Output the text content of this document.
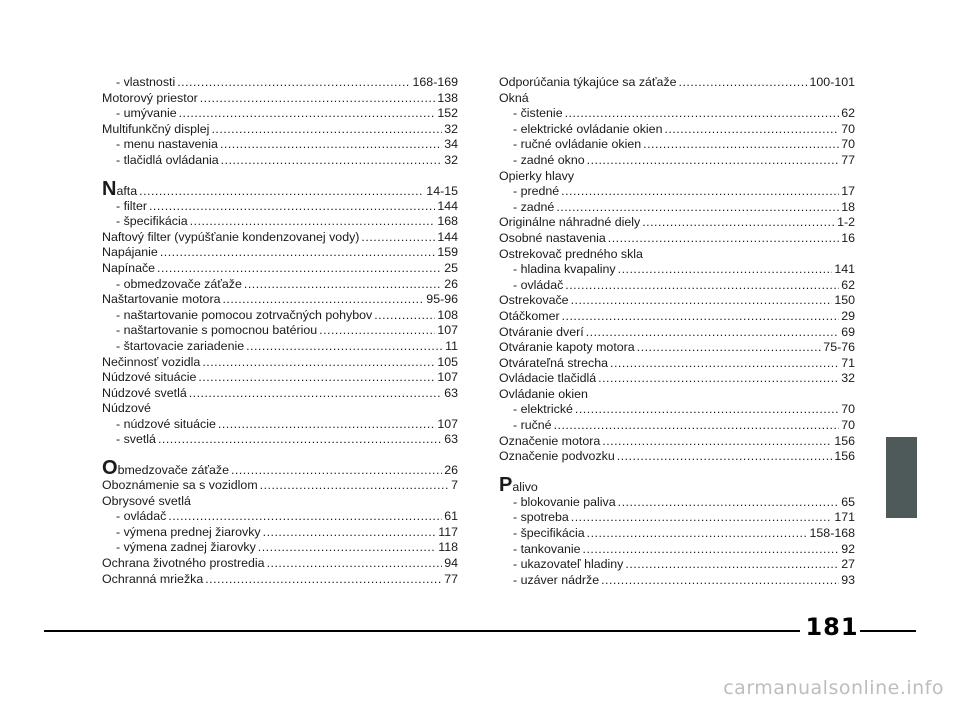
- vlastnosti .....	168-169
Motorový priestor .....	138
- umývanie .....	152
Multifunkčný displej .....	32
- menu nastavenia .....	34
- tlačidlá ovládania .....	32
Nafta .....	14-15
- filter .....	144
- špecifikácia .....	168
Naftový filter (vypúšťanie kondenzovanej vody) .....	144
Napájanie .....	159
Napínače .....	25
- obmedzovače záťaže .....	26
Naštartovanie motora .....	95-96
- naštartovanie pomocou zotrvačných pohybov .....	108
- naštartovanie s pomocnou batériou .....	107
- štartovacie zariadenie .....	11
Nečinnosť vozidla .....	105
Núdzové situácie .....	107
Núdzové svetlá .....	63
Núdzové
- núdzové situácie .....	107
- svetlá .....	63
Obmedzovače záťaže .....	26
Oboznámenie sa s vozidlom .....	7
Obrysové svetlá
- ovládač .....	61
- výmena prednej žiarovky .....	117
- výmena zadnej žiarovky .....	118
Ochrana životného prostredia .....	94
Ochranná mriežka .....	77
Odporúčania týkajúce sa záťaže .....	100-101
Okná
- čistenie .....	62
- elektrické ovládanie okien .....	70
- ručné ovládanie okien .....	70
- zadné okno .....	77
Opierky hlavy
- predné .....	17
- zadné .....	18
Originálne náhradné diely .....	1-2
Osobné nastavenia .....	16
Ostrekovač predného skla
- hladina kvapaliny .....	141
- ovládač .....	62
Ostrekovače .....	150
Otáčkomer .....	29
Otváranie dverí .....	69
Otváranie kapoty motora .....	75-76
Otvárateľná strecha .....	71
Ovládacie tlačidlá .....	32
Ovládanie okien
- elektrické .....	70
- ručné .....	70
Označenie motora .....	156
Označenie podvozku .....	156
Palivo
- blokovanie paliva .....	65
- spotreba .....	171
- špecifikácia .....	158-168
- tankovanie .....	92
- ukazovateľ hladiny .....	27
- uzáver nádrže .....	93
181
carmanualsonline.info
